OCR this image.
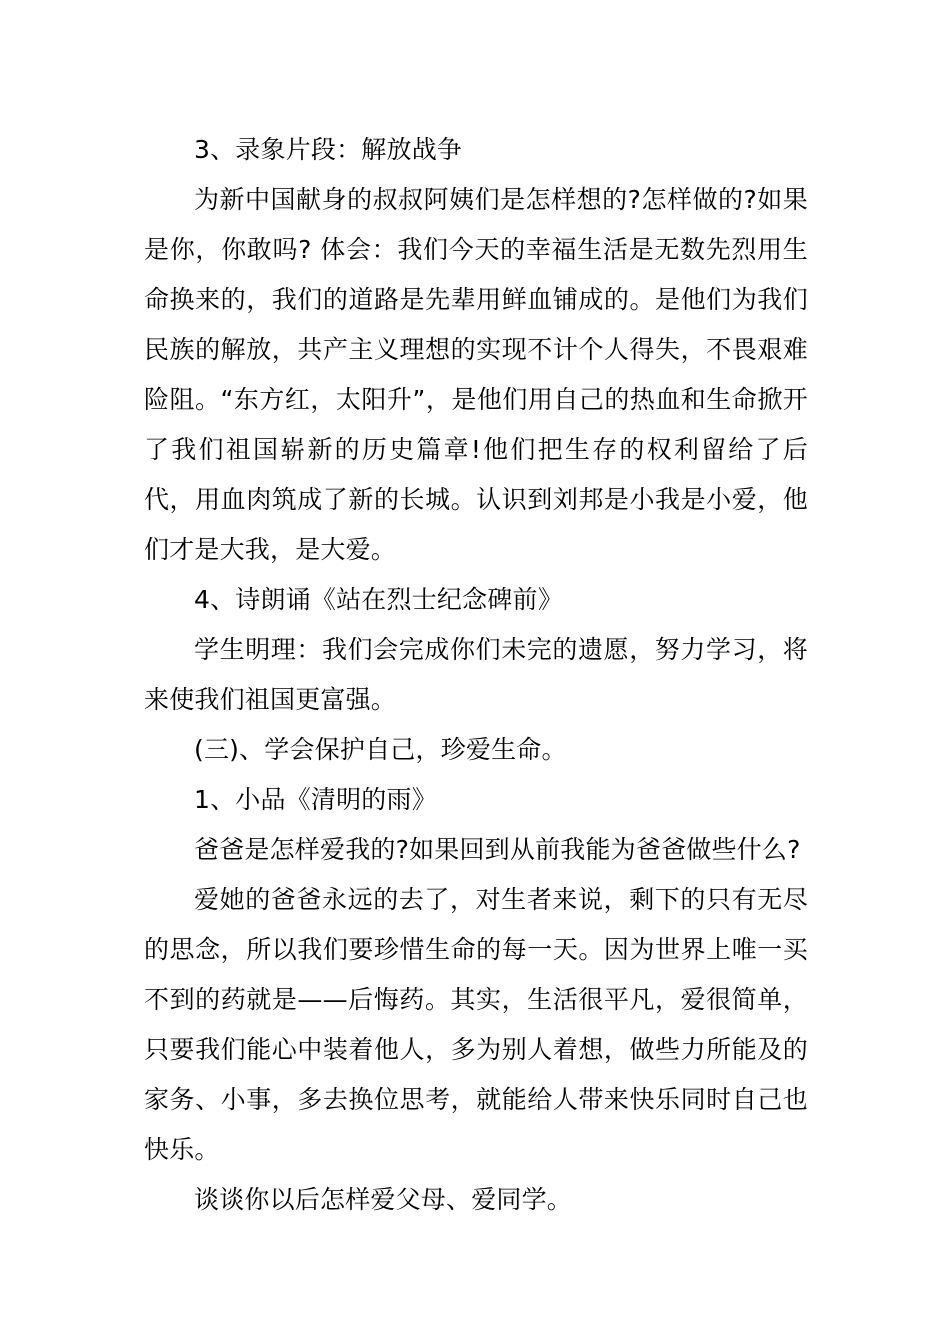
3、录象片段：解放战争

为新中国献身的叔叔阿姨们是怎样想的?怎样做的?如果是你，你敢吗? 体会：我们今天的幸福生活是无数先烈用生命换来的，我们的道路是先辈用鲜血铺成的。是他们为我们民族的解放，共产主义理想的实现不计个人得失，不畏艰难险阻。“东方红，太阳升”，是他们用自己的热血和生命掀开了我们祖国崭新的历史篇章!他们把生存的权利留给了后代，用血肉筑成了新的长城。认识到刘邦是小我是小爱，他们才是大我，是大爱。

4、诗朗诵《站在烈士纪念碑前》

学生明理：我们会完成你们未完的遗愿，努力学习，将来使我们祖国更富强。

(三)、学会保护自己，珍爱生命。

1、小品《清明的雨》

爸爸是怎样爱我的?如果回到从前我能为爸爸做些什么?

爱她的爸爸永远的去了，对生者来说，剩下的只有无尽的思念，所以我们要珍惜生命的每一天。因为世界上唯一买不到的药就是——后悔药。其实，生活很平凡，爱很简单，只要我们能心中装着他人，多为别人着想，做些力所能及的家务、小事，多去换位思考，就能给人带来快乐同时自己也快乐。

谈谈你以后怎样爱父母、爱同学。
